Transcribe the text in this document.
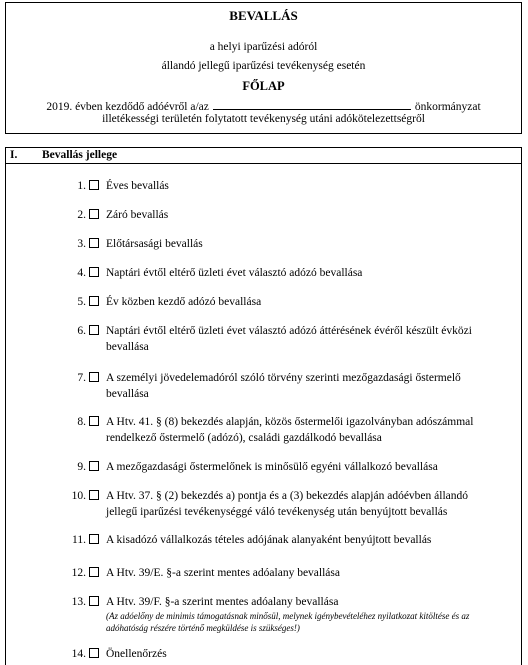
BEVALLÁS
a helyi iparűzési adóról
állandó jellegű iparűzési tevékenység esetén
FŐLAP
2019. évben kezdődő adóévről a/az	önkormányzat
illetékességi területén folytatott tevékenység utáni adókötelezettségről
I. Bevallás jellege
1.	Éves bevallás
2.	Záró bevallás
3.	Előtársasági bevallás
4.	Naptári évtől eltérő üzleti évet választó adózó bevallása
5.	Év közben kezdő adózó bevallása
6.	Naptári évtől eltérő üzleti évet választó adózó áttérésének évéről készült évközi
bevallása
7.	A személyi jövedelemadóról szóló törvény szerinti mezőgazdasági őstermelő
bevallása
8.	A Htv. 41. § (8) bekezdés alapján, közös őstermelői igazolványban adószámmal
rendelkező őstermelő (adózó), családi gazdálkodó bevallása
9.	A mezőgazdasági őstermelőnek is minősülő egyéni vállalkozó bevallása
10.	A Htv. 37. § (2) bekezdés a) pontja és a (3) bekezdés alapján adóévben állandó
jellegű iparűzési tevékenységgé váló tevékenység után benyújtott bevallás
11.	A kisadózó vállalkozás tételes adójának alanyaként benyújtott bevallás
12.	A Htv. 39/E. §-a szerint mentes adóalany bevallása
13.	A Htv. 39/F. §-a szerint mentes adóalany bevallása
(Az adóelőny de minimis támogatásnak minősül, melynek igénybevételéhez nyilatkozat kitöltése és az
adóhatóság részére történő megküldése is szükséges!)
14.	Önellenőrzés
